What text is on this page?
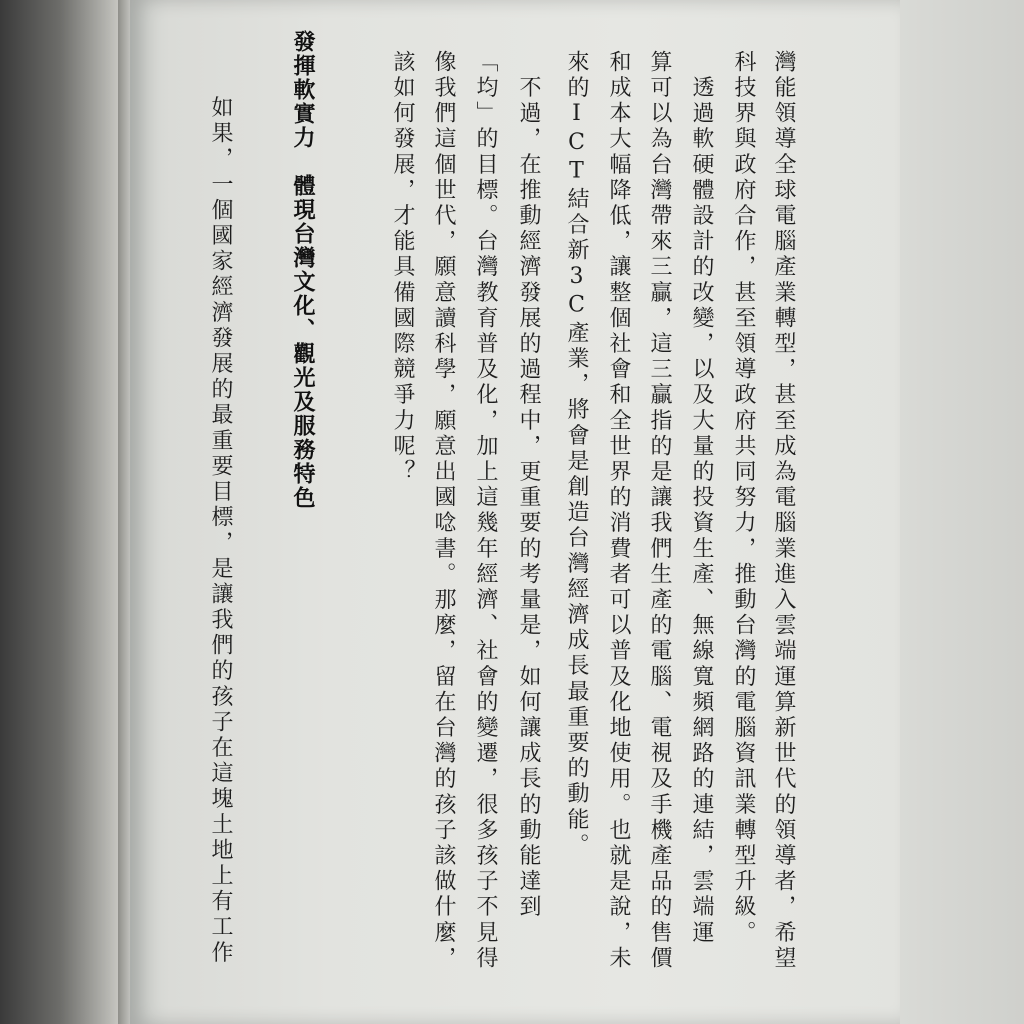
灣能領導全球電腦產業轉型，甚至成為電腦業進入雲端運算新世代的領導者，希望
科技界與政府合作，甚至領導政府共同努力，推動台灣的電腦資訊業轉型升級。
　透過軟硬體設計的改變，以及大量的投資生產、無線寬頻網路的連結，雲端運
算可以為台灣帶來三贏，這三贏指的是讓我們生產的電腦、電視及手機產品的售價
和成本大幅降低，讓整個社會和全世界的消費者可以普及化地使用。也就是說，未
來的ICT結合新3C產業，將會是創造台灣經濟成長最重要的動能。
　不過，在推動經濟發展的過程中，更重要的考量是，如何讓成長的動能達到
「均」的目標。台灣教育普及化，加上這幾年經濟、社會的變遷，很多孩子不見得
像我們這個世代，願意讀科學，願意出國唸書。那麼，留在台灣的孩子該做什麼，
該如何發展，才能具備國際競爭力呢？
發揮軟實力　體現台灣文化、觀光及服務特色
　如果，一個國家經濟發展的最重要目標，是讓我們的孩子在這塊土地上有工作
